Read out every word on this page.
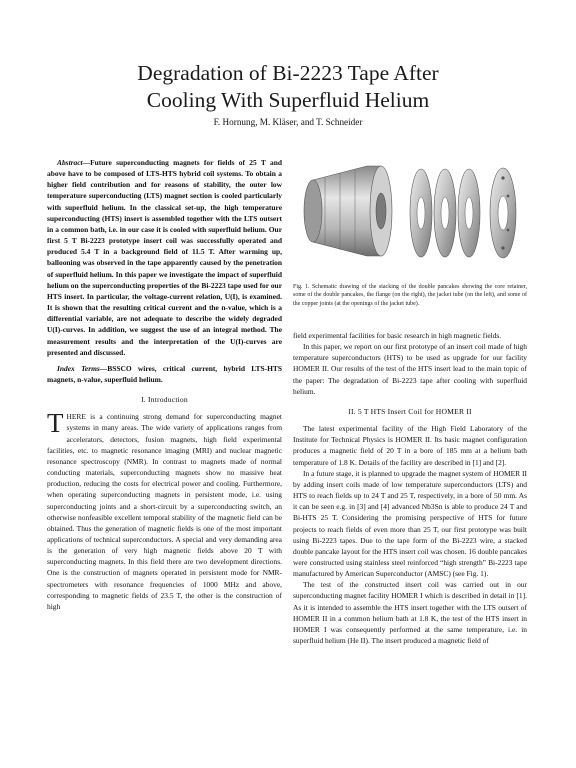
Degradation of Bi-2223 Tape After
Cooling With Superfluid Helium
F. Hornung, M. Kläser, and T. Schneider

Abstract—Future superconducting magnets for fields of 25 T and above have to be composed of LTS-HTS hybrid coil systems. To obtain a higher field contribution and for reasons of stability, the outer low temperature superconducting (LTS) magnet section is cooled particularly with superfluid helium. In the classical set-up, the high temperature superconducting (HTS) insert is assembled together with the LTS outsert in a common bath, i.e. in our case it is cooled with superfluid helium. Our first 5 T Bi-2223 prototype insert coil was successfully operated and produced 5.4 T in a background field of 11.5 T. After warming up, ballooning was observed in the tape apparently caused by the penetration of superfluid helium. In this paper we investigate the impact of superfluid helium on the superconducting properties of the Bi-2223 tape used for our HTS insert. In particular, the voltage-current relation, U(I), is examined. It is shown that the resulting critical current and the n-value, which is a differential variable, are not adequate to describe the widely degraded U(I)-curves. In addition, we suggest the use of an integral method. The measurement results and the interpretation of the U(I)-curves are presented and discussed.

Index Terms—BSSCO wires, critical current, hybrid LTS-HTS magnets, n-value, superfluid helium.

I. Introduction

THERE is a continuing strong demand for superconducting magnet systems in many areas. The wide variety of applications ranges from accelerators, detectors, fusion magnets, high field experimental facilities, etc. to magnetic resonance imaging (MRI) and nuclear magnetic resonance spectroscopy (NMR). In contrast to magnets made of normal conducting materials, superconducting magnets show no massive heat production, reducing the costs for electrical power and cooling. Furthermore, when operating superconducting magnets in persistent mode, i.e. using superconducting joints and a short-circuit by a superconducting switch, an otherwise nonfeasible excellent temporal stability of the magnetic field can be obtained. Thus the generation of magnetic fields is one of the most important applications of technical superconductors. A special and very demanding area is the generation of very high magnetic fields above 20 T with superconducting magnets. In this field there are two development directions. One is the construction of magnets operated in persistent mode for NMR-spectrometers with resonance frequencies of 1000 MHz and above, corresponding to magnetic fields of 23.5 T, the other is the construction of high

Fig. 1. Schematic drawing of the stacking of the double pancakes showing the core retainer, some of the double pancakes, the flange (on the right), the jacket tube (on the left), and some of the copper joints (at the openings of the jacket tube).

field experimental facilities for basic research in high magnetic fields.

In this paper, we report on our first prototype of an insert coil made of high temperature superconductors (HTS) to be used as upgrade for our facility HOMER II. Our results of the test of the HTS insert lead to the main topic of the paper: The degradation of Bi-2223 tape after cooling with superfluid helium.

II. 5 T HTS Insert Coil for HOMER II

The latest experimental facility of the High Field Laboratory of the Institute for Technical Physics is HOMER II. Its basic magnet configuration produces a magnetic field of 20 T in a bore of 185 mm at a helium bath temperature of 1.8 K. Details of the facility are described in [1] and [2].

In a future stage, it is planned to upgrade the magnet system of HOMER II by adding insert coils made of low temperature superconductors (LTS) and HTS to reach fields up to 24 T and 25 T, respectively, in a bore of 50 mm. As it can be seen e.g. in [3] and [4] advanced Nb3Sn is able to produce 24 T and Bi-HTS 25 T. Considering the promising perspective of HTS for future projects to reach fields of even more than 25 T, our first prototype was built using Bi-2223 tapes. Due to the tape form of the Bi-2223 wire, a stacked double pancake layout for the HTS insert coil was chosen. 16 double pancakes were constructed using stainless steel reinforced “high strength” Bi-2223 tape manufactured by American Superconductor (AMSC) (see Fig. 1).

The test of the constructed insert coil was carried out in our superconducting magnet facility HOMER I which is described in detail in [1]. As it is intended to assemble the HTS insert together with the LTS outsert of HOMER II in a common helium bath at 1.8 K, the test of the HTS insert in HOMER I was consequently performed at the same temperature, i.e. in superfluid helium (He II). The insert produced a magnetic field of
